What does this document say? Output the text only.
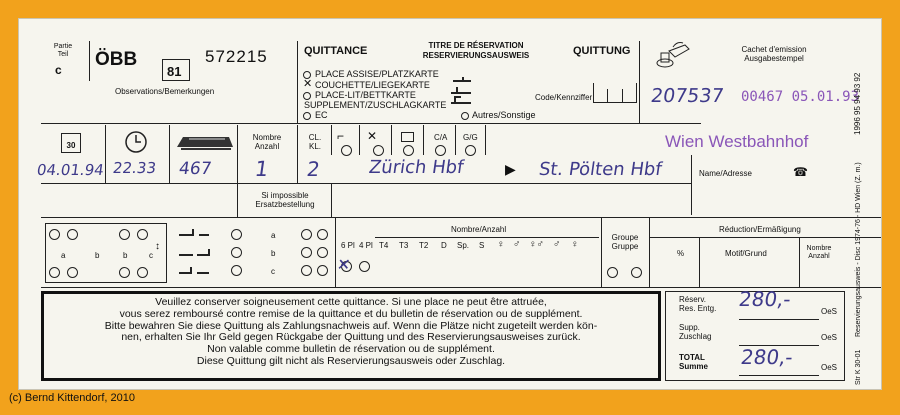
Partie
Teil
c ÖBB
81
572215
Observations/Bemerkungen
QUITTANCE	TITRE DE RÉSERVATION
RESERVIERUNGSAUSWEIS	QUITTUNG	Cachet d'emission
Ausgabestempel
PLACE ASSISE/PLATZKARTE
✕ COUCHETTE/LIEGEKARTE
PLACE-LIT/BETTKARTE
SUPPLEMENT/ZUSCHLAGKARTE
EC	Autres/Sonstige
Code/Kennziffer	207537 00467 05.01.93
Wien Westbahnhof
30
Nombre
Anzahl
CL.
KL.
⌐ ✕	C/A G/G
04.01.94 22.33 467 1 2	Zürich Hbf	▶ St. Pölten Hbf	Name/Adresse	☎
Si impossible
Ersatzbestellung
a	b	b	c
↕
a
b
c
6 Pl 4 Pl
✕
Nombre/Anzahl
T4 T3 T2 D Sp. S ♀ ♂ ♀♂ ♂ ♀
Groupe
Gruppe
Réduction/Ermäßigung
%	Motif/Grund
Nombre
Anzahl
Veuillez conserver soigneusement cette quittance. Si une place ne peut être attruée,
vous serez remboursé contre remise de la quittance et du bulletin de réservation ou de supplément.
Bitte bewahren Sie diese Quittung als Zahlungsnachweis auf. Wenn die Plätze nicht zugeteilt werden kön-
nen, erhalten Sie Ihr Geld gegen Rückgabe der Quittung und des Reservierungsausweises zurück.
Non valable comme bulletin de réservation ou de supplément.
Diese Quittung gilt nicht als Reservierungsausweis oder Zuschlag.
Réserv.
Res. Entg. 280,-
OeS
Supp.
Zuschlag	OeS
TOTAL
Summe 280,-	OeS
1996 95 94 93 92
Reservierungsausweis - Disc 1974-76 - HD Wien (Z. m.)
Str K 30-01
(c) Bernd Kittendorf, 2010
